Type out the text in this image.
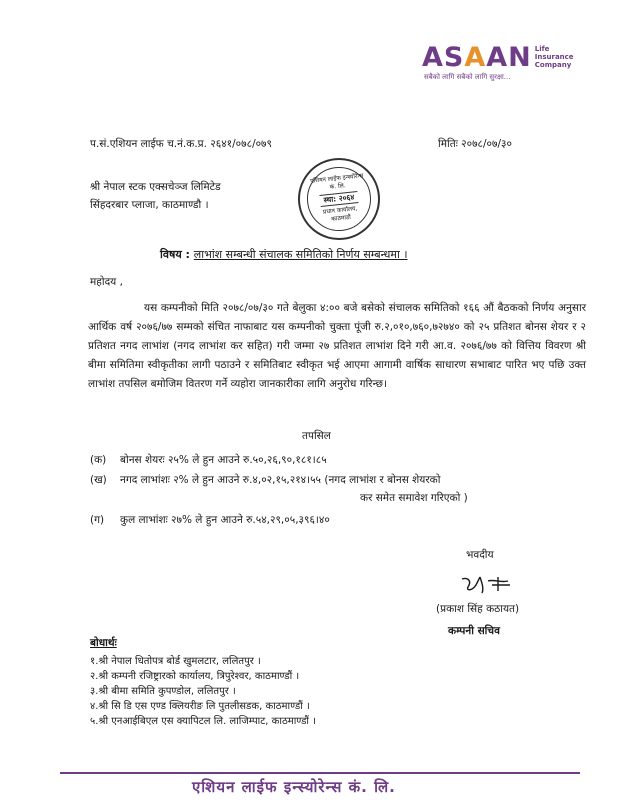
ASAAN Life
Insurance
Company
सबैको लागि सबैको लागि सुरक्षा...
प.सं.एशियन लाईफ च.नं.क.प्र. २६४१/०७८/०७९	मितिः २०७८/०७/३०
श्री नेपाल स्टक एक्सचेञ्ज लिमिटेड
सिंहदरबार प्लाजा, काठमाण्डौ ।
एशियन लाईफ इन्स्योरेन्स कं. लि.
स्था: २०६४
प्रधान कार्यालय, काठमाडौं
विषय : लाभांश सम्बन्धी संचालक समितिको निर्णय सम्बन्धमा ।
महोदय ,

यस कम्पनीको मिति २०७८/०७/३० गते बेलुका ४:०० बजे बसेको संचालक समितिको १६६ औं बैठकको निर्णय अनुसार आर्थिक वर्ष २०७६/७७ सम्मको संचित नाफाबाट यस कम्पनीको चुक्ता पूंजी रु.२,०१०,७६०,७२७४० को २५ प्रतिशत बोनस शेयर र २ प्रतिशत नगद लाभांश (नगद लाभांश कर सहित) गरी जम्मा २७ प्रतिशत लाभांश दिने गरी आ.व. २०७६/७७ को वित्तिय विवरण श्री बीमा समितिमा स्वीकृतीका लागी पठाउने र समितिबाट स्वीकृत भई आएमा आगामी वार्षिक साधारण सभाबाट पारित भए पछि उक्त लाभांश तपसिल बमोजिम वितरण गर्ने व्यहोरा जानकारीका लागि अनुरोध गरिन्छ।

तपसिल
(क)	बोनस शेयरः २५% ले हुन आउने रु.५०,२६,९०,१८१।८५
(ख)	नगद लाभांशः २% ले हुन आउने रु.४,०२,१५,२१४।५५ (नगद लाभांश र बोनस शेयरको
कर समेत समावेश गरिएको )
(ग)	कुल लाभांशः २७% ले हुन आउने रु.५४,२९,०५,३९६।४०
भवदीय
(प्रकाश सिंह कठायत)
कम्पनी सचिव
बोधार्थः
१.श्री नेपाल धितोपत्र बोर्ड खुमलटार, ललितपुर ।
२.श्री कम्पनी रजिष्ट्रारको कार्यालय, त्रिपुरेश्वर, काठमाण्डौं ।
३.श्री बीमा समिति कुपण्डोल, ललितपुर ।
४.श्री सि डि एस एण्ड क्लियरीङ लि पुतलीसडक, काठमाण्डौं ।
५.श्री एनआईबिएल एस क्यापिटल लि. लाजिम्पाट, काठमाण्डौं ।
एशियन लाईफ इन्स्योरेन्स कं. लि.
